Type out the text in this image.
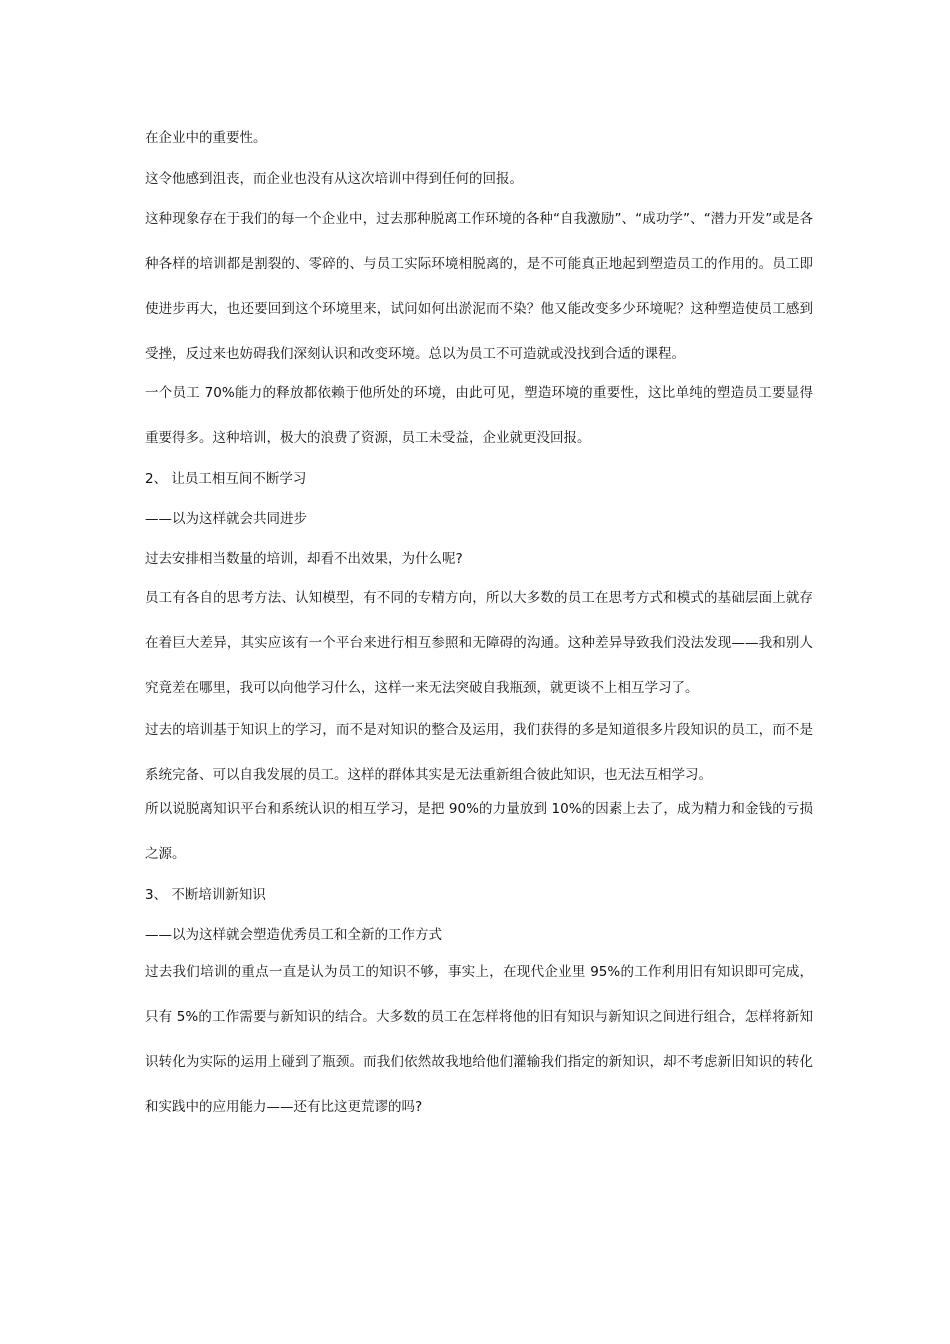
在企业中的重要性。

这令他感到沮丧，而企业也没有从这次培训中得到任何的回报。

这种现象存在于我们的每一个企业中，过去那种脱离工作环境的各种“自我激励”、“成功学”、“潜力开发”或是各种各样的培训都是割裂的、零碎的、与员工实际环境相脱离的，是不可能真正地起到塑造员工的作用的。员工即使进步再大，也还要回到这个环境里来，试问如何出淤泥而不染？他又能改变多少环境呢？这种塑造使员工感到受挫，反过来也妨碍我们深刻认识和改变环境。总以为员工不可造就或没找到合适的课程。

一个员工 70%能力的释放都依赖于他所处的环境，由此可见，塑造环境的重要性，这比单纯的塑造员工要显得重要得多。这种培训，极大的浪费了资源，员工未受益，企业就更没回报。

2、 让员工相互间不断学习

——以为这样就会共同进步

过去安排相当数量的培训，却看不出效果，为什么呢?

员工有各自的思考方法、认知模型，有不同的专精方向，所以大多数的员工在思考方式和模式的基础层面上就存在着巨大差异，其实应该有一个平台来进行相互参照和无障碍的沟通。这种差异导致我们没法发现——我和别人究竟差在哪里，我可以向他学习什么，这样一来无法突破自我瓶颈，就更谈不上相互学习了。

过去的培训基于知识上的学习，而不是对知识的整合及运用，我们获得的多是知道很多片段知识的员工，而不是系统完备、可以自我发展的员工。这样的群体其实是无法重新组合彼此知识，也无法互相学习。

所以说脱离知识平台和系统认识的相互学习，是把 90%的力量放到 10%的因素上去了，成为精力和金钱的亏损之源。

3、 不断培训新知识

——以为这样就会塑造优秀员工和全新的工作方式

过去我们培训的重点一直是认为员工的知识不够，事实上，在现代企业里 95%的工作利用旧有知识即可完成，只有 5%的工作需要与新知识的结合。大多数的员工在怎样将他的旧有知识与新知识之间进行组合，怎样将新知识转化为实际的运用上碰到了瓶颈。而我们依然故我地给他们灌输我们指定的新知识，却不考虑新旧知识的转化和实践中的应用能力——还有比这更荒谬的吗?
